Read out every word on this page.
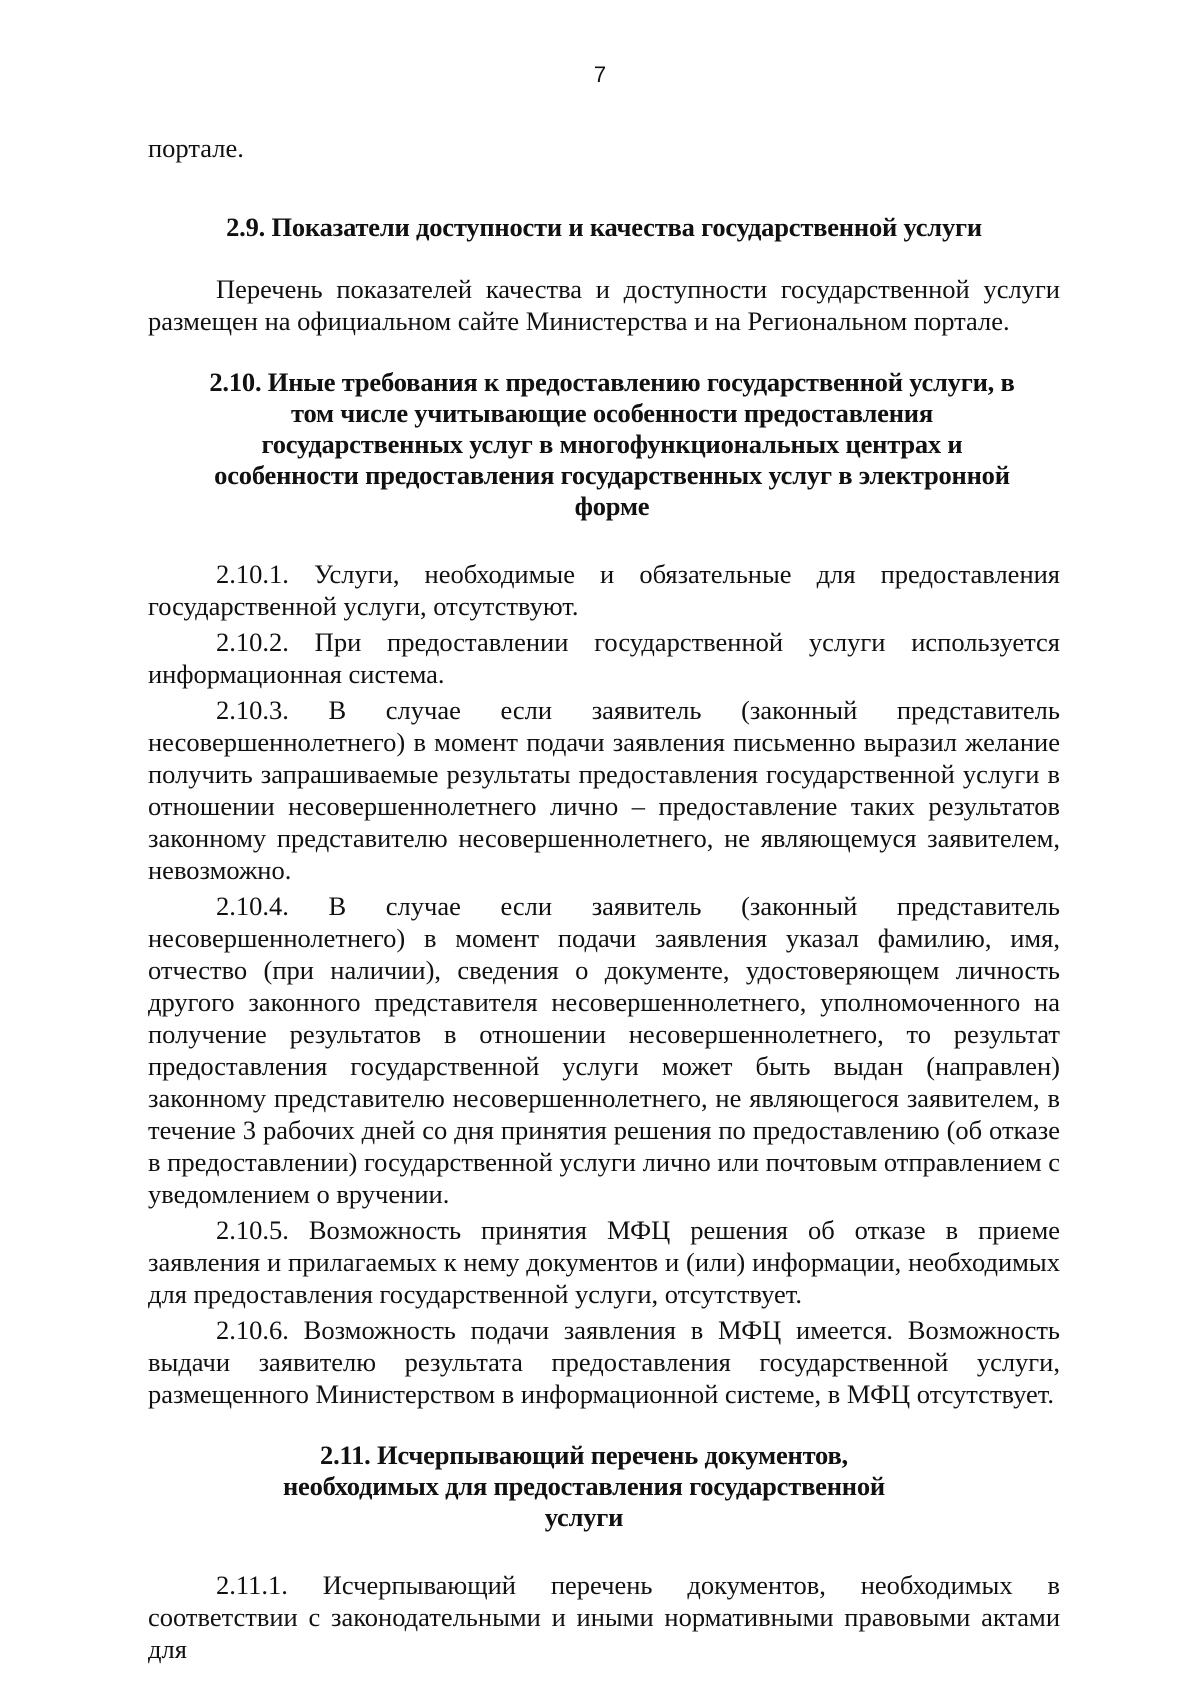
7

портале.

2.9. Показатели доступности и качества государственной услуги

Перечень показателей качества и доступности государственной услуги размещен на официальном сайте Министерства и на Региональном портале.

2.10. Иные требования к предоставлению государственной услуги, в том числе учитывающие особенности предоставления государственных услуг в многофункциональных центрах и особенности предоставления государственных услуг в электронной форме

2.10.1. Услуги, необходимые и обязательные для предоставления государственной услуги, отсутствуют.

2.10.2. При предоставлении государственной услуги используется информационная система.

2.10.3. В случае если заявитель (законный представитель несовершеннолетнего) в момент подачи заявления письменно выразил желание получить запрашиваемые результаты предоставления государственной услуги в отношении несовершеннолетнего лично – предоставление таких результатов законному представителю несовершеннолетнего, не являющемуся заявителем, невозможно.

2.10.4. В случае если заявитель (законный представитель несовершеннолетнего) в момент подачи заявления указал фамилию, имя, отчество (при наличии), сведения о документе, удостоверяющем личность другого законного представителя несовершеннолетнего, уполномоченного на получение результатов в отношении несовершеннолетнего, то результат предоставления государственной услуги может быть выдан (направлен) законному представителю несовершеннолетнего, не являющегося заявителем, в течение 3 рабочих дней со дня принятия решения по предоставлению (об отказе в предоставлении) государственной услуги лично или почтовым отправлением с уведомлением о вручении.

2.10.5. Возможность принятия МФЦ решения об отказе в приеме заявления и прилагаемых к нему документов и (или) информации, необходимых для предоставления государственной услуги, отсутствует.

2.10.6. Возможность подачи заявления в МФЦ имеется. Возможность выдачи заявителю результата предоставления государственной услуги, размещенного Министерством в информационной системе, в МФЦ отсутствует.

2.11. Исчерпывающий перечень документов, необходимых для предоставления государственной услуги

2.11.1. Исчерпывающий перечень документов, необходимых в соответствии с законодательными и иными нормативными правовыми актами для
